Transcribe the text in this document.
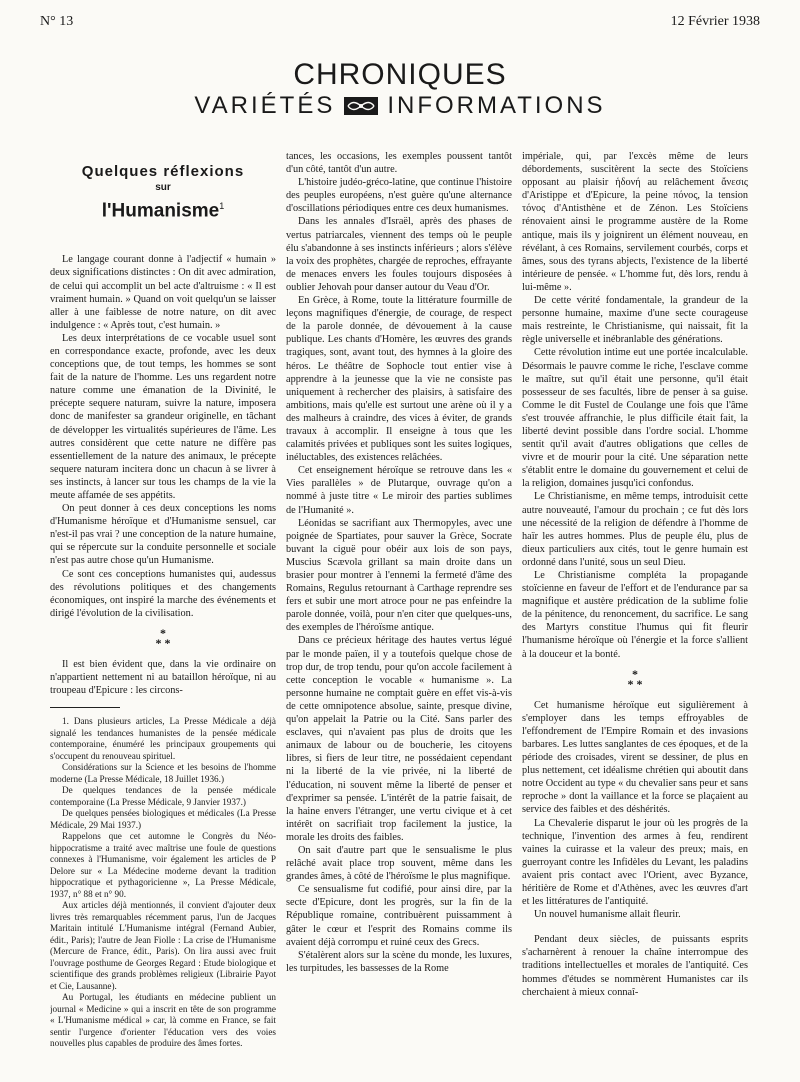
N° 13	12 Février 1938
CHRONIQUES
VARIÉTÉS INFORMATIONS
Quelques réflexions
sur
l'Humanisme$^1$

Le langage courant donne à l'adjectif « humain » deux significations distinctes : On dit avec admiration, de celui qui accomplit un bel acte d'altruisme : « Il est vraiment humain. » Quand on voit quelqu'un se laisser aller à une faiblesse de notre nature, on dit avec indulgence : « Après tout, c'est humain. »

Les deux interprétations de ce vocable usuel sont en correspondance exacte, profonde, avec les deux conceptions que, de tout temps, les hommes se sont fait de la nature de l'homme. Les uns regardent notre nature comme une émanation de la Divinité, le précepte sequere naturam, suivre la nature, imposera donc de manifester sa grandeur originelle, en tâchant de développer les virtualités supérieures de l'âme. Les autres considèrent que cette nature ne diffère pas essentiellement de la nature des animaux, le précepte sequere naturam incitera donc un chacun à se livrer à ses instincts, à lancer sur tous les champs de la vie la meute affamée de ses appétits.

On peut donner à ces deux conceptions les noms d'Humanisme héroïque et d'Humanisme sensuel, car n'est-il pas vrai ? une conception de la nature humaine, qui se répercute sur la conduite personnelle et sociale n'est pas autre chose qu'un Humanisme.

Ce sont ces conceptions humanistes qui, audessus des révolutions politiques et des changements économiques, ont inspiré la marche des événements et dirigé l'évolution de la civilisation.

*
* *

Il est bien évident que, dans la vie ordinaire on n'appartient nettement ni au bataillon héroïque, ni au troupeau d'Epicure : les circons-

1. Dans plusieurs articles, La Presse Médicale a déjà signalé les tendances humanistes de la pensée médicale contemporaine, énuméré les principaux groupements qui s'occupent du renouveau spirituel.

Considérations sur la Science et les besoins de l'homme moderne (La Presse Médicale, 18 Juillet 1936.)

De quelques tendances de la pensée médicale contemporaine (La Presse Médicale, 9 Janvier 1937.)

De quelques pensées biologiques et médicales (La Presse Médicale, 29 Mai 1937.)

Rappelons que cet automne le Congrès du Néo-hippocratisme a traité avec maîtrise une foule de questions connexes à l'Humanisme, voir également les articles de P Delore sur « La Médecine moderne devant la tradition hippocratique et pythagoricienne », La Presse Médicale, 1937, n° 88 et n° 90.

Aux articles déjà mentionnés, il convient d'ajouter deux livres très remarquables récemment parus, l'un de Jacques Maritain intitulé L'Humanisme intégral (Fernand Aubier, édit., Paris); l'autre de Jean Fiolle : La crise de l'Humanisme (Mercure de France, édit., Paris). On lira aussi avec fruit l'ouvrage posthume de Georges Regard : Etude biologique et scientifique des grands problèmes religieux (Librairie Payot et Cie, Lausanne).

Au Portugal, les étudiants en médecine publient un journal « Medicine » qui a inscrit en tête de son programme « L'Humanisme médical » car, là comme en France, se fait sentir l'urgence d'orienter l'éducation vers des voies nouvelles plus capables de produire des âmes fortes.

tances, les occasions, les exemples poussent tantôt d'un côté, tantôt d'un autre.

L'histoire judéo-gréco-latine, que continue l'histoire des peuples européens, n'est guère qu'une alternance d'oscillations périodiques entre ces deux humanismes.

Dans les annales d'Israël, après des phases de vertus patriarcales, viennent des temps où le peuple élu s'abandonne à ses instincts inférieurs ; alors s'élève la voix des prophètes, chargée de reproches, effrayante de menaces envers les foules toujours disposées à oublier Jehovah pour danser autour du Veau d'Or.

En Grèce, à Rome, toute la littérature fourmille de leçons magnifiques d'énergie, de courage, de respect de la parole donnée, de dévouement à la cause publique. Les chants d'Homère, les œuvres des grands tragiques, sont, avant tout, des hymnes à la gloire des héros. Le théâtre de Sophocle tout entier vise à apprendre à la jeunesse que la vie ne consiste pas uniquement à rechercher des plaisirs, à satisfaire des ambitions, mais qu'elle est surtout une arène où il y a des malheurs à craindre, des vices à éviter, de grands travaux à accomplir. Il enseigne à tous que les calamités privées et publiques sont les suites logiques, inéluctables, des existences relâchées.

Cet enseignement héroïque se retrouve dans les « Vies parallèles » de Plutarque, ouvrage qu'on a nommé à juste titre « Le miroir des parties sublimes de l'Humanité ».

Léonidas se sacrifiant aux Thermopyles, avec une poignée de Spartiates, pour sauver la Grèce, Socrate buvant la ciguë pour obéir aux lois de son pays, Muscius Scævola grillant sa main droite dans un brasier pour montrer à l'ennemi la fermeté d'âme des Romains, Regulus retournant à Carthage reprendre ses fers et subir une mort atroce pour ne pas enfeindre la parole donnée, voilà, pour n'en citer que quelques-uns, des exemples de l'héroïsme antique.

Dans ce précieux héritage des hautes vertus légué par le monde païen, il y a toutefois quelque chose de trop dur, de trop tendu, pour qu'on accole facilement à cette conception le vocable « humanisme ». La personne humaine ne comptait guère en effet vis-à-vis de cette omnipotence absolue, sainte, presque divine, qu'on appelait la Patrie ou la Cité. Sans parler des esclaves, qui n'avaient pas plus de droits que les animaux de labour ou de boucherie, les citoyens libres, si fiers de leur titre, ne possédaient cependant ni la liberté de la vie privée, ni la liberté de l'éducation, ni souvent même la liberté de penser et d'exprimer sa pensée. L'intérêt de la patrie faisait, de la haine envers l'étranger, une vertu civique et à cet intérêt on sacrifiait trop facilement la justice, la morale les droits des faibles.

On sait d'autre part que le sensualisme le plus relâché avait place trop souvent, même dans les grandes âmes, à côté de l'héroïsme le plus magnifique.

Ce sensualisme fut codifié, pour ainsi dire, par la secte d'Epicure, dont les progrès, sur la fin de la République romaine, contribuèrent puissamment à gâter le cœur et l'esprit des Romains comme ils avaient déjà corrompu et ruiné ceux des Grecs.

S'étalèrent alors sur la scène du monde, les luxures, les turpitudes, les bassesses de la Rome

impériale, qui, par l'excès même de leurs débordements, suscitèrent la secte des Stoïciens opposant au plaisir ἡδονή au relâchement ἄνεσις d'Aristippe et d'Epicure, la peine πόνος, la tension τόνος d'Antisthène et de Zénon. Les Stoïciens rénovaient ainsi le programme austère de la Rome antique, mais ils y joignirent un élément nouveau, en révélant, à ces Romains, servilement courbés, corps et âmes, sous des tyrans abjects, l'existence de la liberté intérieure de pensée. « L'homme fut, dès lors, rendu à lui-même ».

De cette vérité fondamentale, la grandeur de la personne humaine, maxime d'une secte courageuse mais restreinte, le Christianisme, qui naissait, fit la règle universelle et inébranlable des générations.

Cette révolution intime eut une portée incalculable. Désormais le pauvre comme le riche, l'esclave comme le maître, sut qu'il était une personne, qu'il était possesseur de ses facultés, libre de penser à sa guise. Comme le dit Fustel de Coulange une fois que l'âme s'est trouvée affranchie, le plus difficile était fait, la liberté devint possible dans l'ordre social. L'homme sentit qu'il avait d'autres obligations que celles de vivre et de mourir pour la cité. Une séparation nette s'établit entre le domaine du gouvernement et celui de la religion, domaines jusqu'ici confondus.

Le Christianisme, en même temps, introduisit cette autre nouveauté, l'amour du prochain ; ce fut dès lors une nécessité de la religion de défendre à l'homme de haïr les autres hommes. Plus de peuple élu, plus de dieux particuliers aux cités, tout le genre humain est ordonné dans l'unité, sous un seul Dieu.

Le Christianisme compléta la propagande stoïcienne en faveur de l'effort et de l'endurance par sa magnifique et austère prédication de la sublime folie de la pénitence, du renoncement, du sacrifice. Le sang des Martyrs constitue l'humus qui fit fleurir l'humanisme héroïque où l'énergie et la force s'allient à la douceur et la bonté.

*
* *

Cet humanisme héroïque eut sigulièrement à s'employer dans les temps effroyables de l'effondrement de l'Empire Romain et des invasions barbares. Les luttes sanglantes de ces époques, et de la période des croisades, virent se dessiner, de plus en plus nettement, cet idéalisme chrétien qui aboutit dans notre Occident au type « du chevalier sans peur et sans reproche » dont la vaillance et la force se plaçaient au service des faibles et des déshérités.

La Chevalerie disparut le jour où les progrès de la technique, l'invention des armes à feu, rendirent vaines la cuirasse et la valeur des preux; mais, en guerroyant contre les Infidèles du Levant, les paladins avaient pris contact avec l'Orient, avec Byzance, héritière de Rome et d'Athènes, avec les œuvres d'art et les littératures de l'antiquité.

Un nouvel humanisme allait fleurir.

Pendant deux siècles, de puissants esprits s'acharnèrent à renouer la chaîne interrompue des traditions intellectuelles et morales de l'antiquité. Ces hommes d'études se nommèrent Humanistes car ils cherchaient à mieux connaî-
